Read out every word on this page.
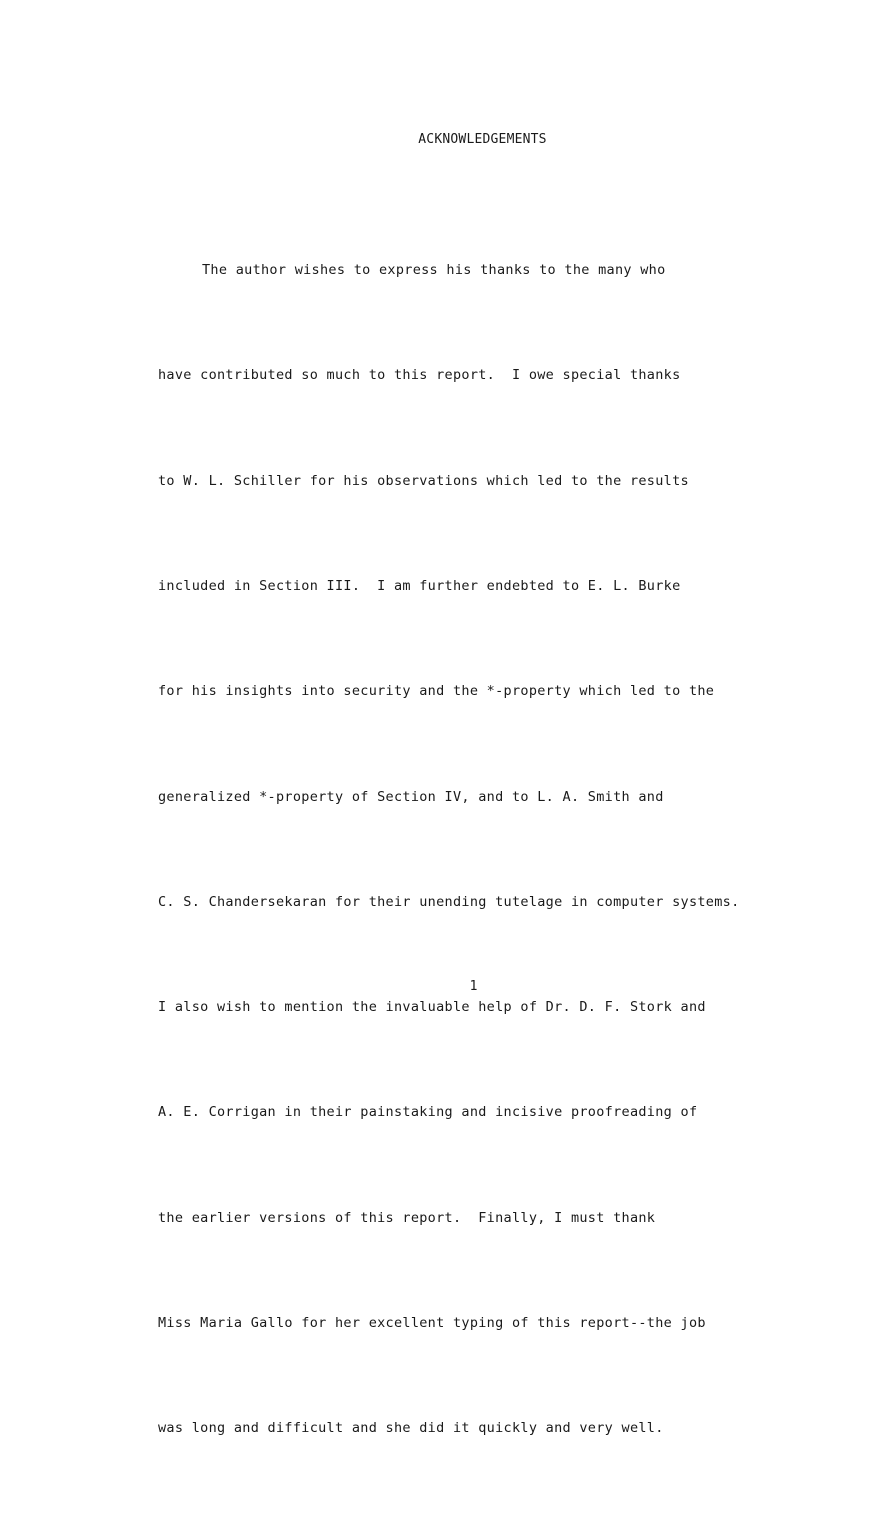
ACKNOWLEDGEMENTS

The author wishes to express his thanks to the many who

have contributed so much to this report.  I owe special thanks

to W. L. Schiller for his observations which led to the results

included in Section III.  I am further endebted to E. L. Burke

for his insights into security and the *-property which led to the

generalized *-property of Section IV, and to L. A. Smith and

C. S. Chandersekaran for their unending tutelage in computer systems.

I also wish to mention the invaluable help of Dr. D. F. Stork and

A. E. Corrigan in their painstaking and incisive proofreading of

the earlier versions of this report.  Finally, I must thank

Miss Maria Gallo for her excellent typing of this report--the job

was long and difficult and she did it quickly and very well.

1
